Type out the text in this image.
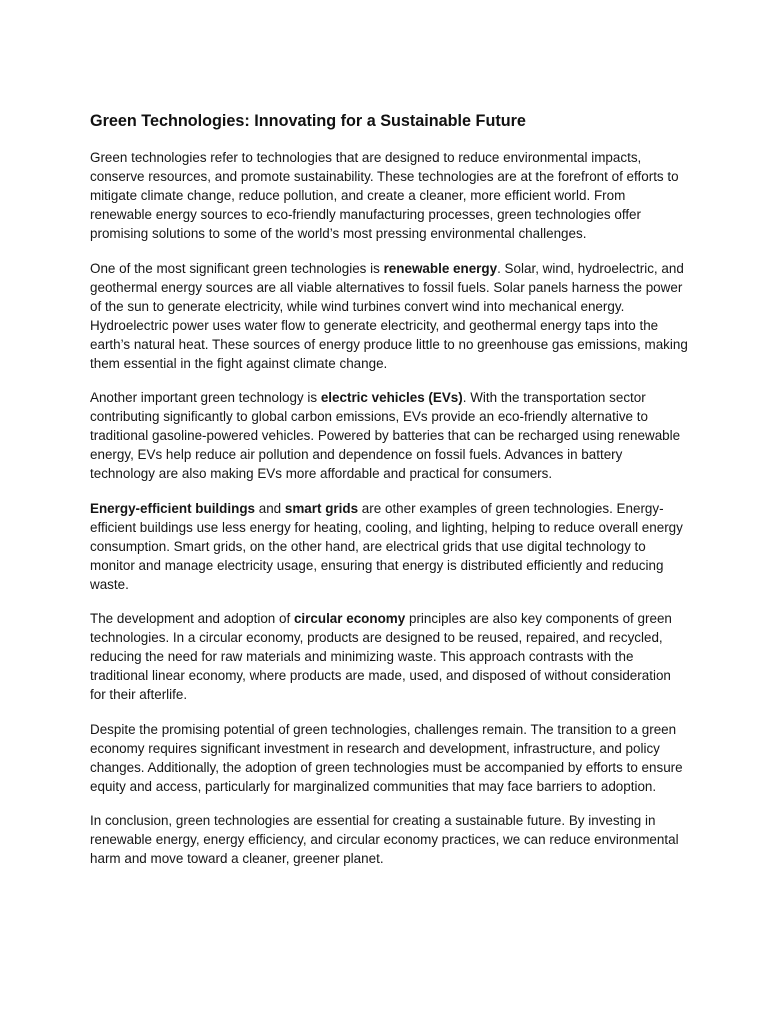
Green Technologies: Innovating for a Sustainable Future

Green technologies refer to technologies that are designed to reduce environmental impacts, conserve resources, and promote sustainability. These technologies are at the forefront of efforts to mitigate climate change, reduce pollution, and create a cleaner, more efficient world. From renewable energy sources to eco-friendly manufacturing processes, green technologies offer promising solutions to some of the world’s most pressing environmental challenges.

One of the most significant green technologies is renewable energy. Solar, wind, hydroelectric, and geothermal energy sources are all viable alternatives to fossil fuels. Solar panels harness the power of the sun to generate electricity, while wind turbines convert wind into mechanical energy. Hydroelectric power uses water flow to generate electricity, and geothermal energy taps into the earth’s natural heat. These sources of energy produce little to no greenhouse gas emissions, making them essential in the fight against climate change.

Another important green technology is electric vehicles (EVs). With the transportation sector contributing significantly to global carbon emissions, EVs provide an eco-friendly alternative to traditional gasoline-powered vehicles. Powered by batteries that can be recharged using renewable energy, EVs help reduce air pollution and dependence on fossil fuels. Advances in battery technology are also making EVs more affordable and practical for consumers.

Energy-efficient buildings and smart grids are other examples of green technologies. Energy-efficient buildings use less energy for heating, cooling, and lighting, helping to reduce overall energy consumption. Smart grids, on the other hand, are electrical grids that use digital technology to monitor and manage electricity usage, ensuring that energy is distributed efficiently and reducing waste.

The development and adoption of circular economy principles are also key components of green technologies. In a circular economy, products are designed to be reused, repaired, and recycled, reducing the need for raw materials and minimizing waste. This approach contrasts with the traditional linear economy, where products are made, used, and disposed of without consideration for their afterlife.

Despite the promising potential of green technologies, challenges remain. The transition to a green economy requires significant investment in research and development, infrastructure, and policy changes. Additionally, the adoption of green technologies must be accompanied by efforts to ensure equity and access, particularly for marginalized communities that may face barriers to adoption.

In conclusion, green technologies are essential for creating a sustainable future. By investing in renewable energy, energy efficiency, and circular economy practices, we can reduce environmental harm and move toward a cleaner, greener planet.
